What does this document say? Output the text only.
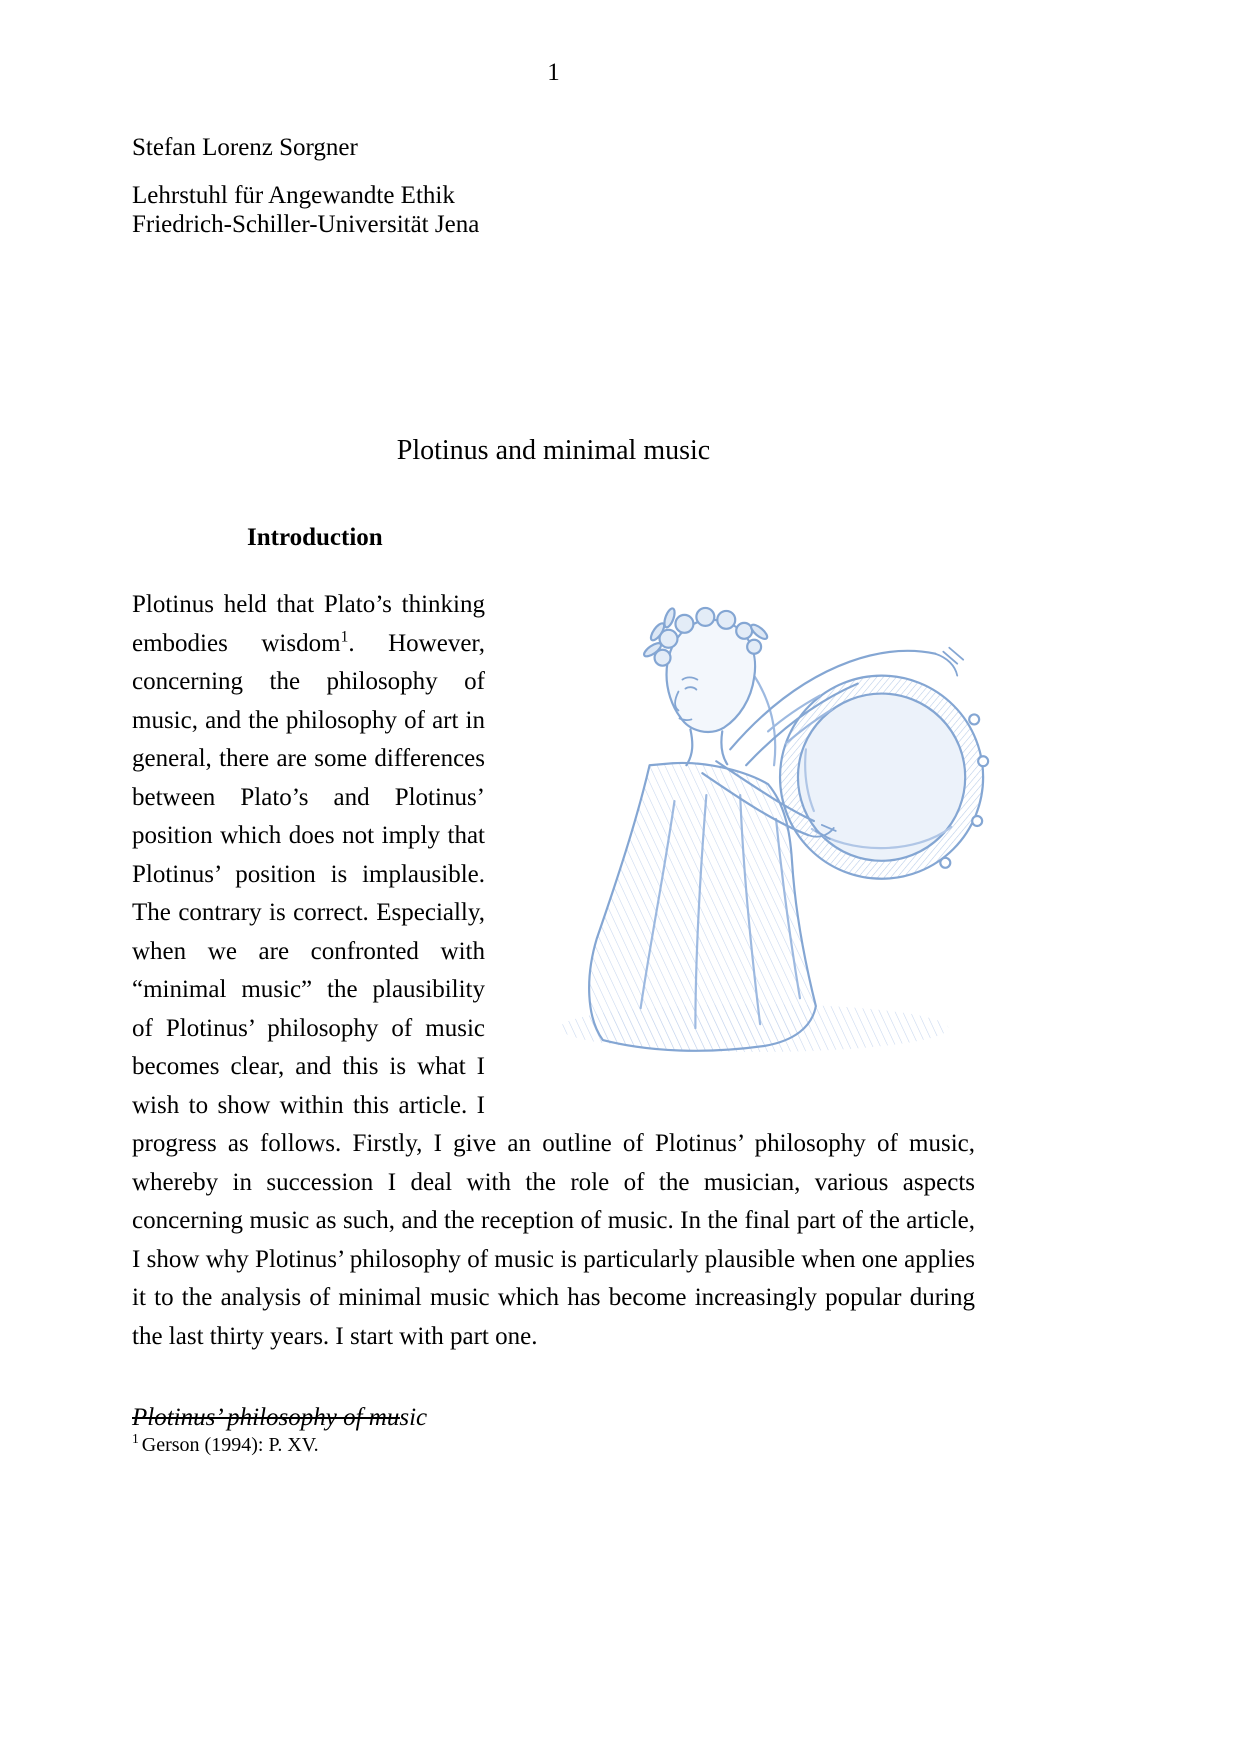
1
Stefan Lorenz Sorgner
Lehrstuhl für Angewandte Ethik
Friedrich-Schiller-Universität Jena
Plotinus and minimal music
Introduction
Plotinus held that Plato’s thinking embodies wisdom$^1$. However, concerning the philosophy of music, and the philosophy of art in general, there are some differences between Plato’s and Plotinus’ position which does not imply that Plotinus’ position is implausible. The contrary is correct. Especially, when we are confronted with “minimal music” the plausibility of Plotinus’ philosophy of music becomes clear, and this is what I wish to show within this article. I progress as follows. Firstly, I give an outline of Plotinus’ philosophy of music, whereby in succession I deal with the role of the musician, various aspects concerning music as such, and the reception of music. In the final part of the article, I show why Plotinus’ philosophy of music is particularly plausible when one applies it to the analysis of minimal music which has become increasingly popular during the last thirty years. I start with part one.
Plotinus’ philosophy of music
$^1$ Gerson (1994): P. XV.
